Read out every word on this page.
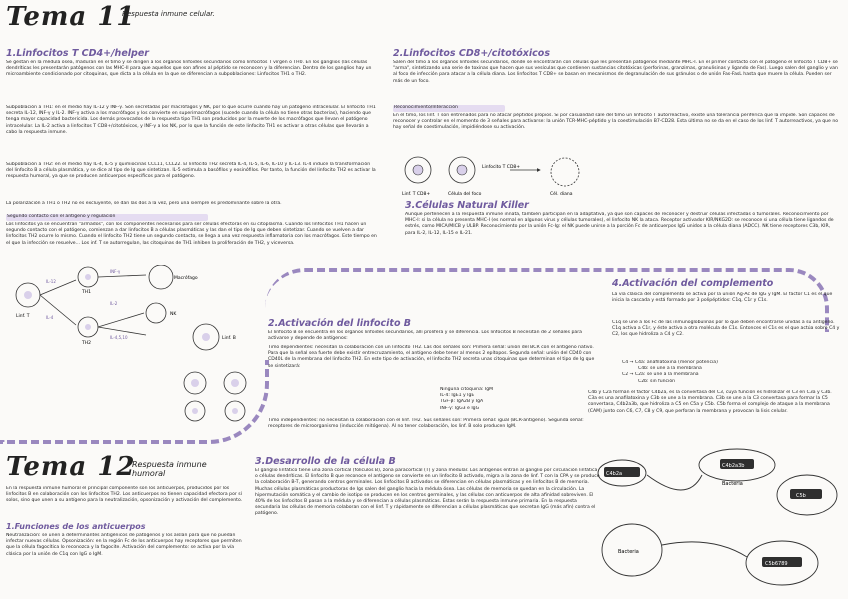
Tema 11
Respuesta inmune celular.
1.Linfocitos T CD4+/helper
Se gestan en la médula ósea, maduran en el timo y se dirigen a los órganos linfoides secundarios como linfocitos T vírgen o TH0. En los ganglios (las células dendríticas les presentarán patógenos con las MHC-II para que aquellos que son afines al péptido se reconocen y la diferencian. Dentro de los ganglios hay un microambiente condicionado por citoquinas, que dicta a la célula en la que se diferencian a subpoblaciones: Linfocitos TH1 o TH2.
Subpoblación a TH1: en el medio hay IL-12 y INF-γ. Son secretadas por macrófagos y NK, por lo que ocurre cuando hay un patógeno intracelular. El linfocito TH1 secreta IL-12, INF-γ y IL-2. INF-γ activa a los macrófagos y los convierte en superimacrófagos (sucede cuando la célula no tiene otras bacterias), haciendo que tenga mayor capacidad bactericida. Los demás provocados de la respuesta tipo TH1 son producidos por la muerte de los macrófagos que llevan el patógeno intracelular. La IL-2 activa a linfocitos T CD8+/citotóxicos, y INF-γ a los NK, por lo que la función de este linfocito TH1 es activar a otras células que llevarán a cabo la respuesta inmune.
Subpoblación a TH2: en el medio hay IL-4, IL-5 y quimiocinas CCL11, CCL22. El linfocito TH2 secreta IL-4, IL-5, IL-6, IL-10 y IL-13. IL-4 induce la transformación del linfocito B a célula plasmática, y se dice al tipo de Ig que sintetizan. IL-5 estimula a basófilos y eosinófilos. Por tanto, la función del linfocito TH2 es activar la respuesta humoral, ya que se producen anticuerpos específicos para el patógeno.
La polarización a TH1 o TH2 no es excluyente, se dan las dos a la vez, pero una siempre es predominante sobre la otra.
Segundo contacto con el antígeno y regulación
Los linfocitos ya se encuentran "armados", con los componentes necesarios para ser células efectoras en su citoplasma. Cuando los linfocitos TH1 hacen un segundo contacto con el patógeno, comienzan a dar linfocitos B a células plasmáticas y las dan el tipo de Ig que deben sintetizar. Cuando se vuelven a dar linfocitos TH2 ocurre lo mismo. Cuando el linfocito TH2 tiene un segundo contacto, se llega a una vez respuesta inflamatoria con los macrófagos. Este tiempo en el que la infección se resuelve... Los inf. T se autorregulan, las citoquinas de TH1 inhiben la proliferación de TH2, y viceversa.
2.Linfocitos CD8+/citotóxicos
Salen del timo a los órganos linfoides secundarios, donde se encontrarán con células que les presentan patógenos mediante MHC-I. En el primer contacto con el patógeno el linfocito T CD8+ se "arma", sintetizando una serie de toxinas que hacen que sus vesículas que contienen sustancias citotóxicas (perforinas, granzimas, granulisinas y ligando de Fas). Luego salen del ganglio y van al foco de infección para atacar a la célula diana. Los linfocitos T CD8+ se basan en mecanismos de degranulación de sus gránulos o de unión Fas-FasL hasta que muere la célula. Pueden ser más de un foco.
Reconocimiento/Interacción
En el timo, los linf. T son entrenados para no atacar péptidos propios. Si por casualidad sale del timo un linfocito T autorreactivo, existe una tolerancia periférica que la impide. Son capaces de reconocer y controlar en el momento de 3 señales para activarse: la unión TCR-MHC-péptido y la coestimulación B7-CD28. Esta última no se da en el caso de los linf. T autorreactivos, ya que no hay señal de coestimulación, impidiéndose su activación.
Linf. T CD8+	Célula del foco
Linfocito T CD8+
Cél. diana
3.Células Natural Killer
Aunque pertenecen a la respuesta inmune innata, también participan en la adaptativa, ya que son capaces de reconocer y destruir células infectadas o tumorales. Reconocimiento por MHC-I: si la célula no presenta MHC-I (es normal en algunos virus y células tumorales), el linfocito NK la ataca. Receptor activador KIR/NKG2D: se reconoce si una célula tiene ligandos de estrés, como MICA/MICB y ULBP. Reconocimiento por la unión Fc-Ig: el NK puede unirse a la porción Fc de anticuerpos IgG unidos a la célula diana (ADCC). NK tiene receptores C3b, KIR, para IL-2, IL-12, IL-15 e IL-21.
Linf. T
IL-12
IL-4
TH1
TH2
INF-γ
IL-2
IL-4,5,10
Macrófago
NK
Linf. B
2.Activación del linfocito B
El linfocito B se encuentra en los órganos linfoides secundarios, allí prolifera y se diferencia. Los linfocitos B necesitan de 2 señales para activarse y depende de antígenos:
Timo dependientes: necesitan la colaboración con un linfocito TH2. Las dos señales son: Primera señal: unión del BCR con el antígeno nativo. Para que la señal sea fuerte debe existir entrecruzamiento, el antígeno debe tener al menos 2 epítopos. Segunda señal: unión del CD40 con CD40L de la membrana del linfocito TH2. En este tipo de activación, el linfocito TH2 secreta unas citoquinas que determinan el tipo de Ig que se sintetizará:
Ninguna citoquina: IgM
IL-4: IgE1 y IgE
TGF-β: IgA2B y IgA
INF-γ: IgG3 e IgG
Timo independientes: no necesitan la colaboración con el linf. TH2. Sus señales son: Primera señal: igual (BCR-antígeno). Segunda señal: receptores de microorganismo (inducción mitógena). Al no tener colaboración, los linf. B solo producen IgM.
3.Desarrollo de la célula B
El ganglio linfático tiene una zona cortical (folículos B), zona paracortical (T) y zona medular. Los antígenos entran al ganglio por circulación linfática o células dendríticas. El linfocito B que reconoce el antígeno se convierte en un linfocito B activado, migra a la zona de linf. T con la CPA y se produce la colaboración B-T, generando centros germinales. Los linfocitos B activados se diferencian en células plasmáticas y en linfocitos B de memoria. Muchas células plasmáticas productoras de Igs salen del ganglio hacia la médula ósea. Las células de memoria se quedan en la circulación. La hipermutación somática y el cambio de isotipo se producen en los centros germinales, y las células con anticuerpos de alta afinidad sobreviven. El 40% de los linfocitos B pasan a la médula y se diferencian a células plasmáticas. Estas serán la respuesta inmune primaria. En la respuesta secundaria las células de memoria colaboran con el linf. T y rápidamente se diferencian a células plasmáticas que secretan IgG (más afín) contra el patógeno.
4.Activación del complemento
La vía clásica del complemento se activa por la unión Ag-Ac de IgG y IgM. El factor C1 es el que inicia la cascada y está formado por 3 polipéptidos: C1q, C1r y C1s.
C1q se une a los Fc de las inmunoglobulinas por lo que deben encontrarse unidas a su antígeno. C1q activa a C1r, y éste activa a otra molécula de C1s. Entonces el C1s es el que actúa sobre C4 y C2, los que hidroliza a C4 y C2.
C4 → C4a: anafilatoxina (menor potencia)
C4b: se une a la membrana
C2 → C2a: se une a la membrana
C2b: sin función
C4b y C2a forman el factor C4b2a, es la convertasa del C3, cuya función es hidrolizar el C3 en C3a y C3b. C3a es una anafilatoxina y C3b se une a la membrana. C3b se une a la C3 convertasa para formar la C5 convertasa, C4b2a3b, que hidroliza a C5 en C5a y C5b. C5b forma el complejo de ataque a la membrana (CAM) junto con C6, C7, C8 y C9, que perforan la membrana y provocan la lisis celular.
C4b2a
C4b2a3b
C5b
C5b6789
Bacteria
Bacteria
Tema 12
Respuesta inmune humoral
En la respuesta inmune humoral el principal componente son los anticuerpos, producidos por los linfocitos B en colaboración con los linfocitos TH2. Los anticuerpos no tienen capacidad efectora por sí solos, sino que unen a su antígeno para la neutralización, opsonización y activación del complemento.
1.Funciones de los anticuerpos
Neutralización: se unen a determinantes antigénicos de patógenos y los aíslan para que no puedan infectar nuevas células. Opsonización: en la región Fc de los anticuerpos hay receptores que permiten que la célula fagocítica lo reconozca y la fagocite. Activación del complemento: se activa por la vía clásica por la unión de C1q con IgG o IgM.
